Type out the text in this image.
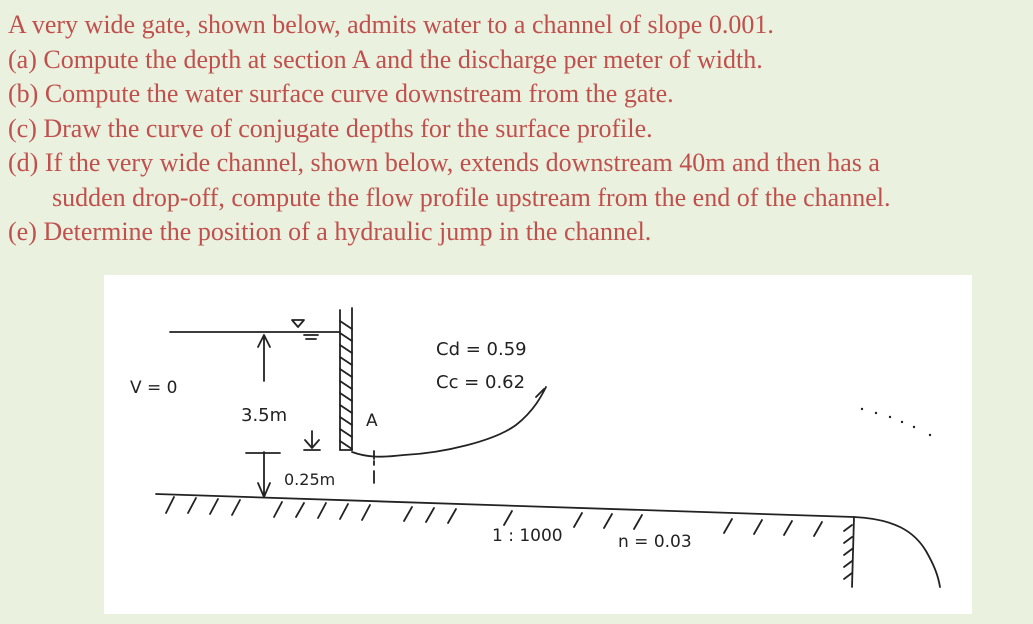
A very wide gate, shown below, admits water to a channel of slope 0.001.
(a) Compute the depth at section A and the discharge per meter of width.
(b) Compute the water surface curve downstream from the gate.
(c) Draw the curve of conjugate depths for the surface profile.
(d) If the very wide channel, shown below, extends downstream 40m and then has a
sudden drop-off, compute the flow profile upstream from the end of the channel.
(e) Determine the position of a hydraulic jump in the channel.
V = 0
3.5m
0.25m
A
Cd = 0.59
Cc = 0.62
1 : 1000	n = 0.03
